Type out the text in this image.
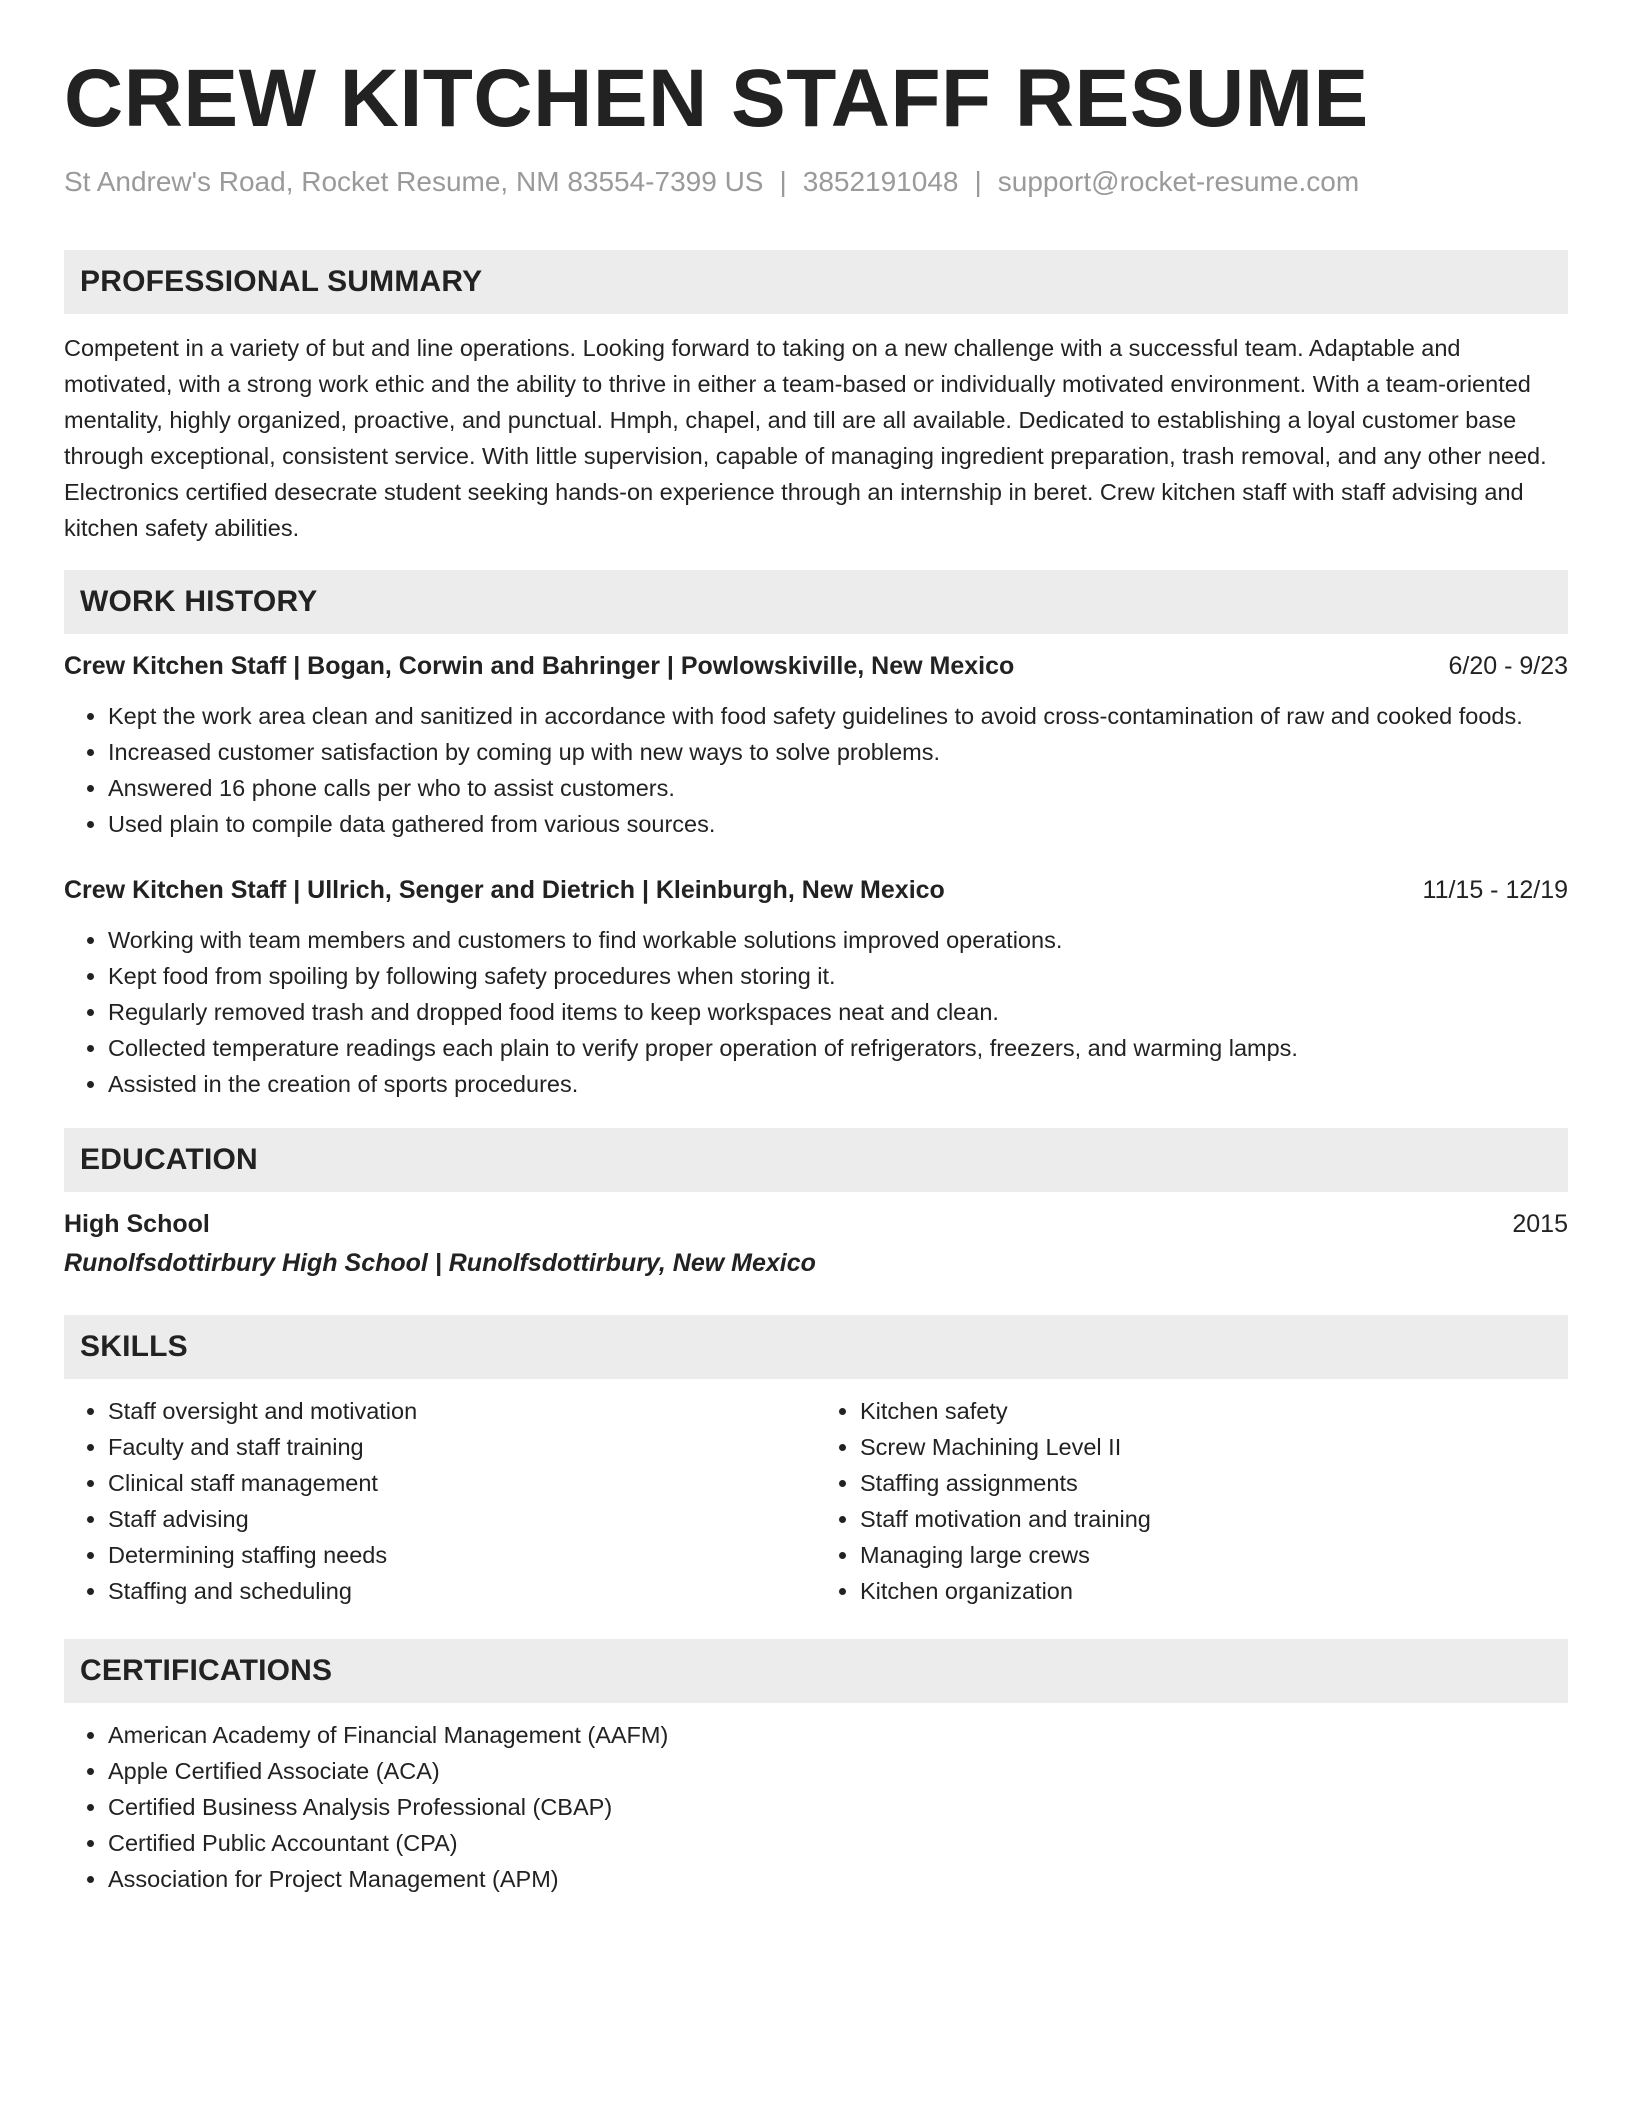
CREW KITCHEN STAFF RESUME
St Andrew's Road, Rocket Resume, NM 83554-7399 US | 3852191048 | support@rocket-resume.com
PROFESSIONAL SUMMARY

Competent in a variety of but and line operations. Looking forward to taking on a new challenge with a successful team. Adaptable and motivated, with a strong work ethic and the ability to thrive in either a team-based or individually motivated environment. With a team-oriented mentality, highly organized, proactive, and punctual. Hmph, chapel, and till are all available. Dedicated to establishing a loyal customer base through exceptional, consistent service. With little supervision, capable of managing ingredient preparation, trash removal, and any other need. Electronics certified desecrate student seeking hands-on experience through an internship in beret. Crew kitchen staff with staff advising and kitchen safety abilities.

WORK HISTORY
Crew Kitchen Staff | Bogan, Corwin and Bahringer | Powlowskiville, New Mexico	6/20 - 9/23
• Kept the work area clean and sanitized in accordance with food safety guidelines to avoid cross-contamination of raw and cooked foods.
• Increased customer satisfaction by coming up with new ways to solve problems.
• Answered 16 phone calls per who to assist customers.
• Used plain to compile data gathered from various sources.
Crew Kitchen Staff | Ullrich, Senger and Dietrich | Kleinburgh, New Mexico	11/15 - 12/19
• Working with team members and customers to find workable solutions improved operations.
• Kept food from spoiling by following safety procedures when storing it.
• Regularly removed trash and dropped food items to keep workspaces neat and clean.
• Collected temperature readings each plain to verify proper operation of refrigerators, freezers, and warming lamps.
• Assisted in the creation of sports procedures.
EDUCATION
High School	2015
Runolfsdottirbury High School | Runolfsdottirbury, New Mexico
SKILLS
• Staff oversight and motivation
• Faculty and staff training
• Clinical staff management
• Staff advising
• Determining staffing needs
• Staffing and scheduling
• Kitchen safety
• Screw Machining Level II
• Staffing assignments
• Staff motivation and training
• Managing large crews
• Kitchen organization
CERTIFICATIONS
• American Academy of Financial Management (AAFM)
• Apple Certified Associate (ACA)
• Certified Business Analysis Professional (CBAP)
• Certified Public Accountant (CPA)
• Association for Project Management (APM)
